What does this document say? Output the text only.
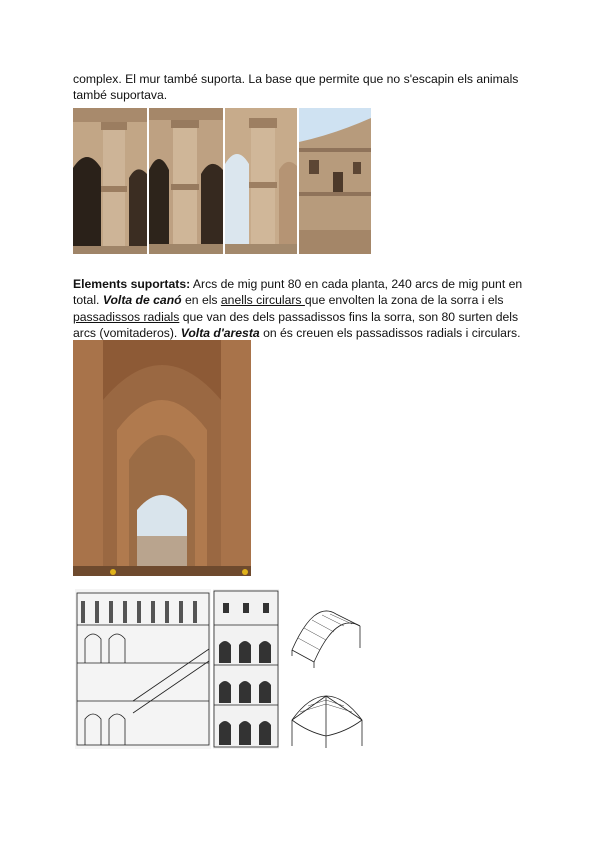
complex. El mur també suporta. La base que permite que no s'escapin els animals
també suportava.
Elements suportats: Arcs de mig punt 80 en cada planta, 240 arcs de mig punt en total. Volta de canó en els anells circulars que envolten la zona de la sorra i els passadissos radials que van des dels passadissos fins la sorra, son 80 surten dels arcs (vomitaderos). Volta d'aresta on és creuen els passadissos radials i circulars.
